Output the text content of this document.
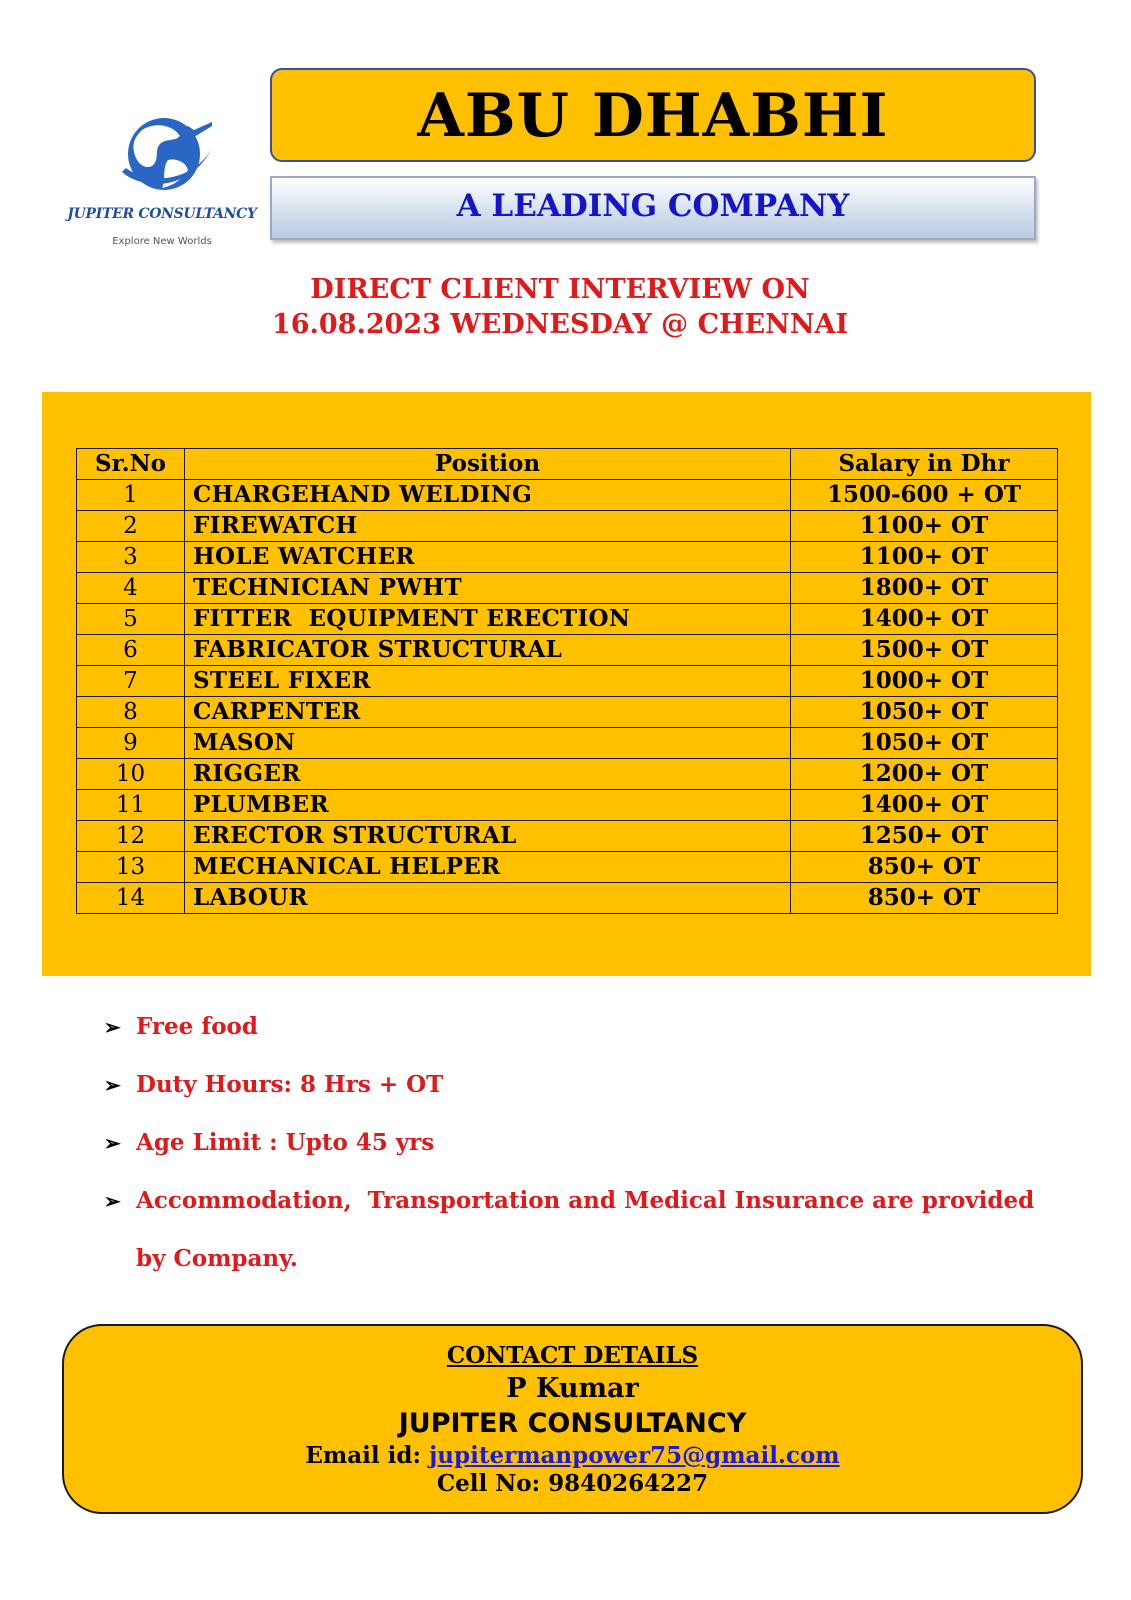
JUPITER CONSULTANCY
Explore New Worlds
ABU DHABHI
A LEADING COMPANY
DIRECT CLIENT INTERVIEW ON
16.08.2023 WEDNESDAY @ CHENNAI
Sr.No	Position	Salary in Dhr
1	CHARGEHAND WELDING	1500-600 + OT
2	FIREWATCH	1100+ OT
3	HOLE WATCHER	1100+ OT
4	TECHNICIAN PWHT	1800+ OT
5	FITTER  EQUIPMENT ERECTION	1400+ OT
6	FABRICATOR STRUCTURAL	1500+ OT
7	STEEL FIXER	1000+ OT
8	CARPENTER	1050+ OT
9	MASON	1050+ OT
10	RIGGER	1200+ OT
11	PLUMBER	1400+ OT
12	ERECTOR STRUCTURAL	1250+ OT
13	MECHANICAL HELPER	850+ OT
14	LABOUR	850+ OT
➢ Free food
➢ Duty Hours: 8 Hrs + OT
➢ Age Limit : Upto 45 yrs
➢ Accommodation,  Transportation and Medical Insurance are provided
by Company.
CONTACT DETAILS
P Kumar
JUPITER CONSULTANCY
Email id: jupitermanpower75@gmail.com
Cell No: 9840264227
